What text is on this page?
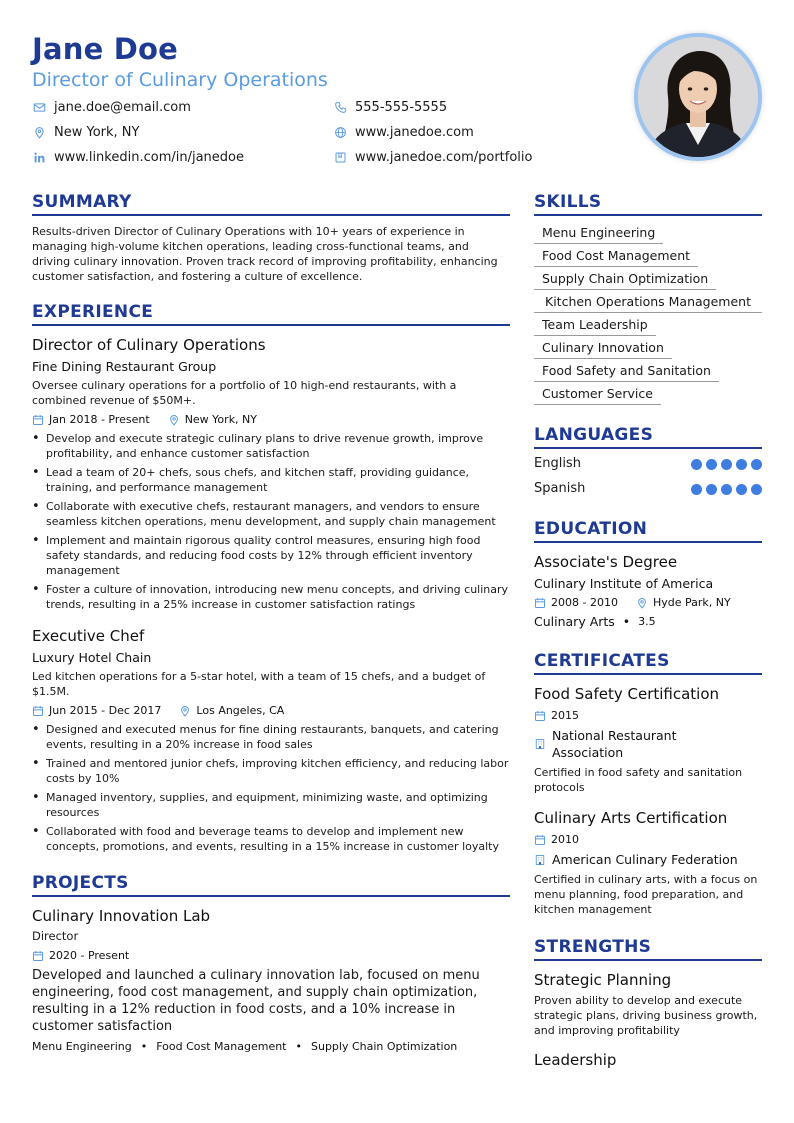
Jane Doe
Director of Culinary Operations
jane.doe@email.com	555-555-5555
New York, NY	www.janedoe.com
www.linkedin.com/in/janedoe	www.janedoe.com/portfolio
SUMMARY
Results-driven Director of Culinary Operations with 10+ years of experience in managing high-volume kitchen operations, leading cross-functional teams, and driving culinary innovation. Proven track record of improving profitability, enhancing customer satisfaction, and fostering a culture of excellence.
EXPERIENCE
Director of Culinary Operations
Fine Dining Restaurant Group
Oversee culinary operations for a portfolio of 10 high-end restaurants, with a combined revenue of $50M+.
Jan 2018 - Present	New York, NY
• Develop and execute strategic culinary plans to drive revenue growth, improve profitability, and enhance customer satisfaction
• Lead a team of 20+ chefs, sous chefs, and kitchen staff, providing guidance, training, and performance management
• Collaborate with executive chefs, restaurant managers, and vendors to ensure seamless kitchen operations, menu development, and supply chain management
• Implement and maintain rigorous quality control measures, ensuring high food safety standards, and reducing food costs by 12% through efficient inventory management
• Foster a culture of innovation, introducing new menu concepts, and driving culinary trends, resulting in a 25% increase in customer satisfaction ratings
Executive Chef
Luxury Hotel Chain
Led kitchen operations for a 5-star hotel, with a team of 15 chefs, and a budget of $1.5M.
Jun 2015 - Dec 2017	Los Angeles, CA
• Designed and executed menus for fine dining restaurants, banquets, and catering events, resulting in a 20% increase in food sales
• Trained and mentored junior chefs, improving kitchen efficiency, and reducing labor costs by 10%
• Managed inventory, supplies, and equipment, minimizing waste, and optimizing resources
• Collaborated with food and beverage teams to develop and implement new concepts, promotions, and events, resulting in a 15% increase in customer loyalty
PROJECTS
Culinary Innovation Lab
Director
2020 - Present
Developed and launched a culinary innovation lab, focused on menu engineering, food cost management, and supply chain optimization, resulting in a 12% reduction in food costs, and a 10% increase in customer satisfaction
Menu Engineering • Food Cost Management • Supply Chain Optimization
SKILLS
Menu Engineering
Food Cost Management
Supply Chain Optimization
Kitchen Operations Management
Team Leadership
Culinary Innovation
Food Safety and Sanitation
Customer Service
LANGUAGES
English
Spanish
EDUCATION
Associate's Degree
Culinary Institute of America
2008 - 2010	Hyde Park, NY
Culinary Arts • 3.5
CERTIFICATES
Food Safety Certification
2015
National Restaurant Association
Certified in food safety and sanitation protocols
Culinary Arts Certification
2010
American Culinary Federation
Certified in culinary arts, with a focus on menu planning, food preparation, and kitchen management
STRENGTHS
Strategic Planning
Proven ability to develop and execute strategic plans, driving business growth, and improving profitability
Leadership
